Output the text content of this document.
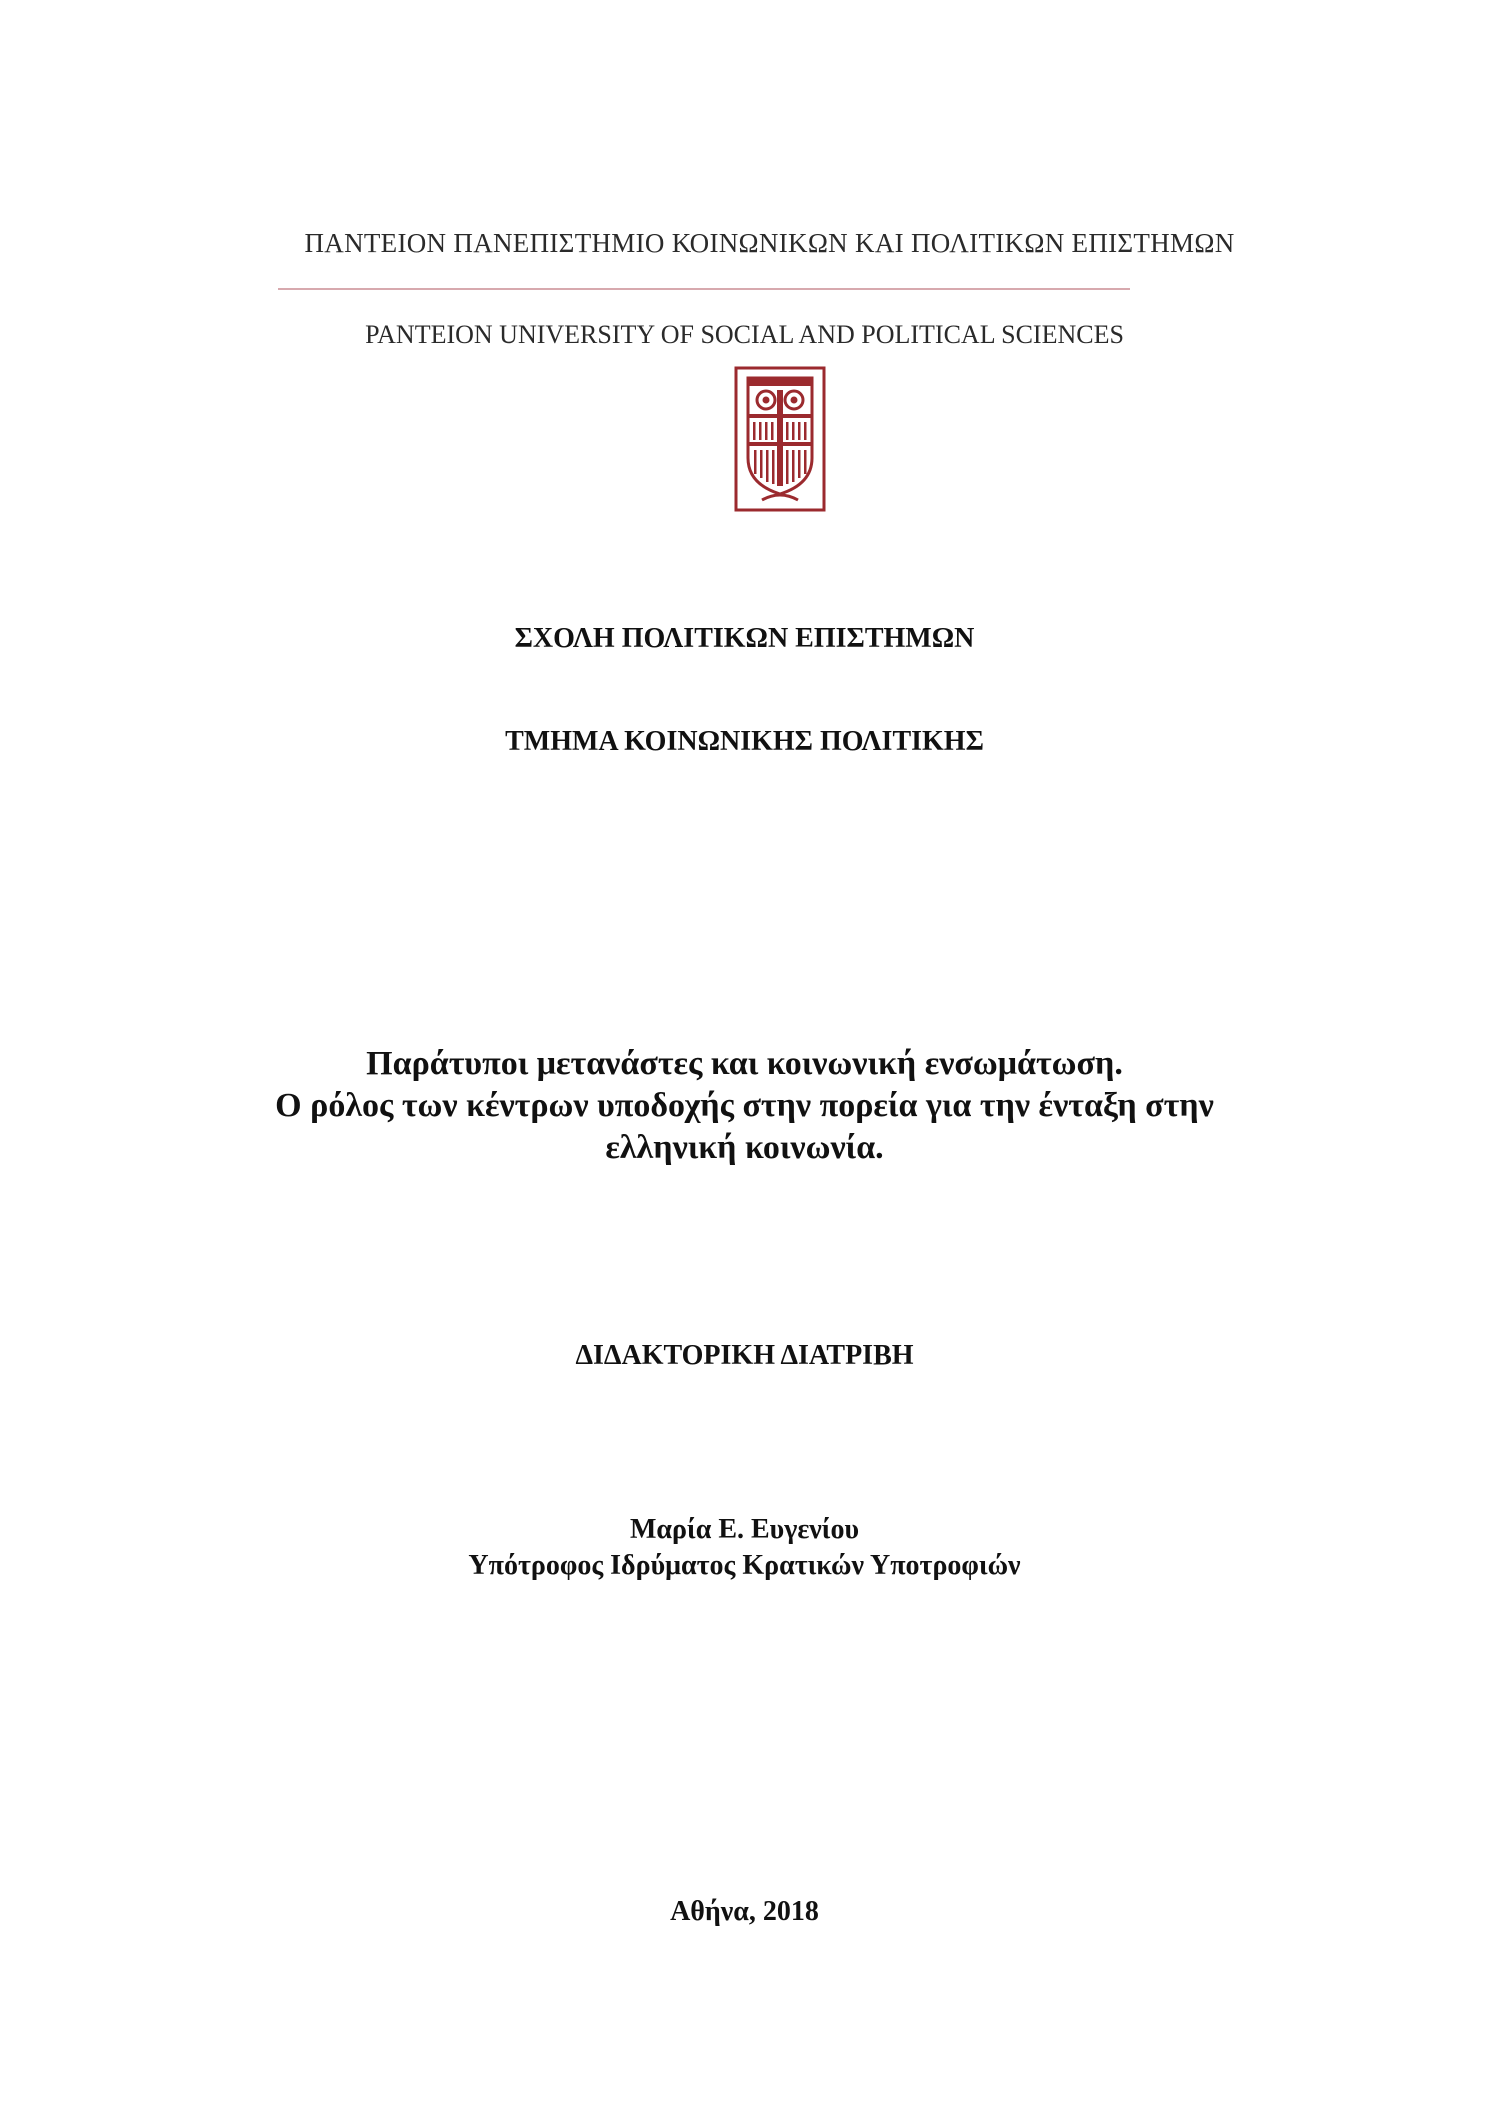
ΠΑΝΤΕΙΟΝ ΠΑΝΕΠΙΣΤΗΜΙΟ ΚΟΙΝΩΝΙΚΩΝ ΚΑΙ ΠΟΛΙΤΙΚΩΝ ΕΠΙΣΤΗΜΩΝ
PANTEION UNIVERSITY OF SOCIAL AND POLITICAL SCIENCES
ΣΧΟΛΗ ΠΟΛΙΤΙΚΩΝ ΕΠΙΣΤΗΜΩΝ
ΤΜΗΜΑ ΚΟΙΝΩΝΙΚΗΣ ΠΟΛΙΤΙΚΗΣ
Παράτυποι μετανάστες και κοινωνική ενσωμάτωση.
Ο ρόλος των κέντρων υποδοχής στην πορεία για την ένταξη στην
ελληνική κοινωνία.
ΔΙΔΑΚΤΟΡΙΚΗ ΔΙΑΤΡΙΒΗ
Μαρία Ε. Ευγενίου
Υπότροφος Ιδρύματος Κρατικών Υποτροφιών
Αθήνα, 2018
